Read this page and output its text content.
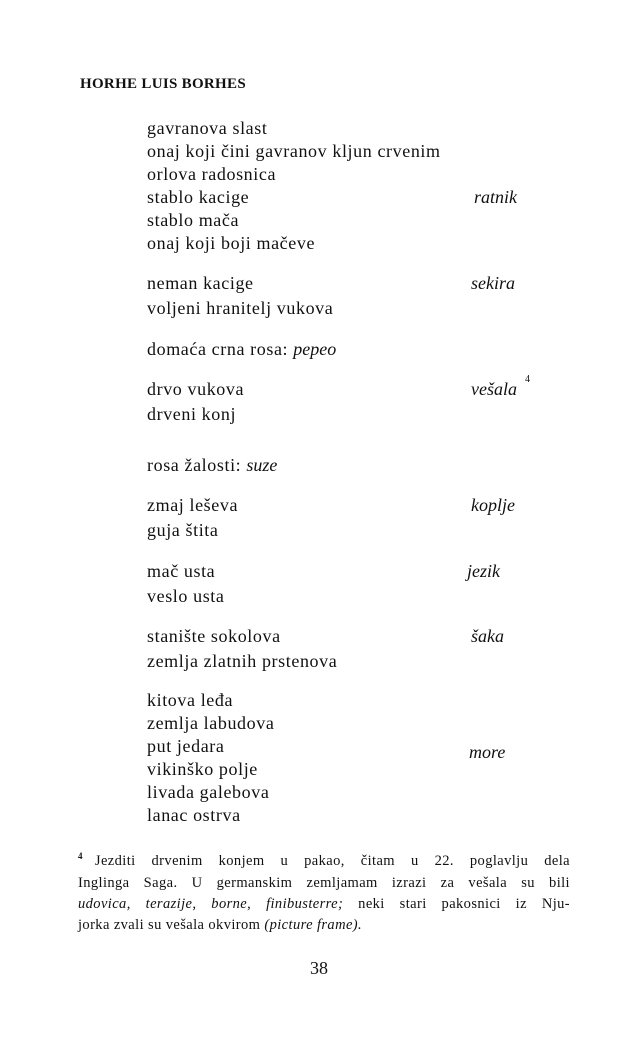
HORHE LUIS BORHES
gavranova slast
onaj koji čini gavranov kljun crvenim
orlova radosnica
stablo kacige
stablo mača
onaj koji boji mačeve
neman kacige
voljeni hranitelj vukova
domaća crna rosa: pepeo
drvo vukova
drveni konj
rosa žalosti: suze
zmaj leševa
guja štita
mač usta
veslo usta
stanište sokolova
zemlja zlatnih prstenova
kitova leđa
zemlja labudova
put jedara
vikinško polje
livada galebova
lanac ostrva
ratnik
sekira
vešala $^4$
koplje
jezik
šaka
more
$^4$ Jezditi drvenim konjem u pakao, čitam u 22. poglavlju dela
Inglinga Saga. U germanskim zemljamam izrazi za vešala su bili
udovica, terazije, borne, finibusterre; neki stari pakosnici iz Nju-
jorka zvali su vešala okvirom (picture frame).
38
